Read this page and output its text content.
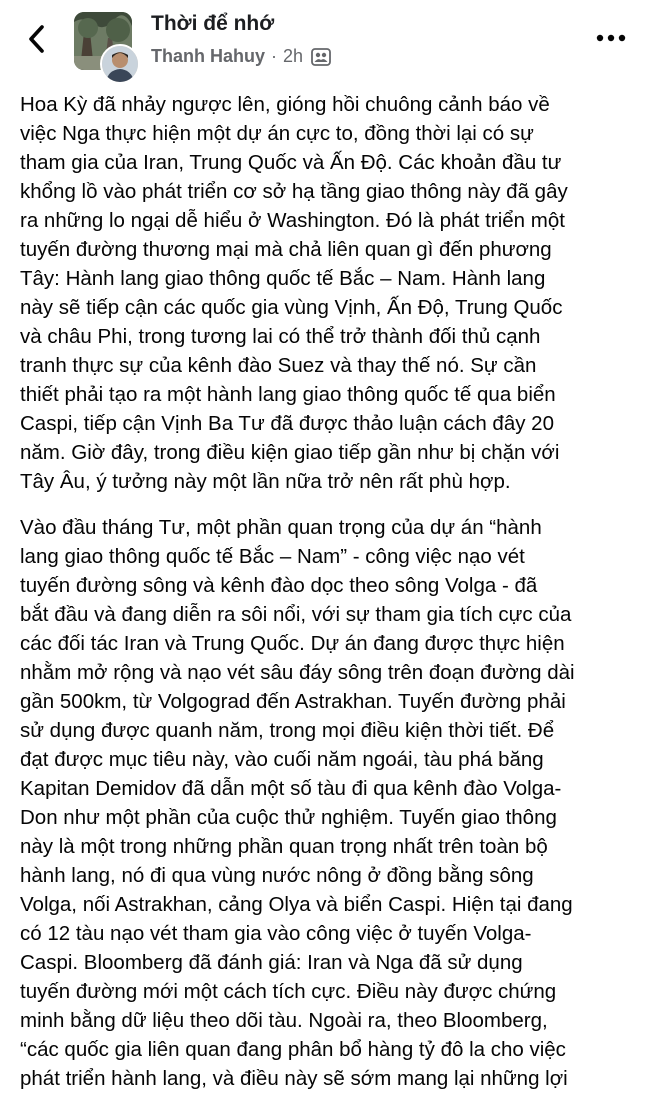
Thời để nhớ
Thanh Hahuy · 2h

Hoa Kỳ đã nhảy ngược lên, gióng hồi chuông cảnh báo về
việc Nga thực hiện một dự án cực to, đồng thời lại có sự
tham gia của Iran, Trung Quốc và Ấn Độ. Các khoản đầu tư
khổng lồ vào phát triển cơ sở hạ tầng giao thông này đã gây
ra những lo ngại dễ hiểu ở Washington. Đó là phát triển một
tuyến đường thương mại mà chả liên quan gì đến phương
Tây: Hành lang giao thông quốc tế Bắc – Nam. Hành lang
này sẽ tiếp cận các quốc gia vùng Vịnh, Ấn Độ, Trung Quốc
và châu Phi, trong tương lai có thể trở thành đối thủ cạnh
tranh thực sự của kênh đào Suez và thay thế nó. Sự cần
thiết phải tạo ra một hành lang giao thông quốc tế qua biển
Caspi, tiếp cận Vịnh Ba Tư đã được thảo luận cách đây 20
năm. Giờ đây, trong điều kiện giao tiếp gần như bị chặn với
Tây Âu, ý tưởng này một lần nữa trở nên rất phù hợp.

Vào đầu tháng Tư, một phần quan trọng của dự án “hành
lang giao thông quốc tế Bắc – Nam” - công việc nạo vét
tuyến đường sông và kênh đào dọc theo sông Volga - đã
bắt đầu và đang diễn ra sôi nổi, với sự tham gia tích cực của
các đối tác Iran và Trung Quốc. Dự án đang được thực hiện
nhằm mở rộng và nạo vét sâu đáy sông trên đoạn đường dài
gần 500km, từ Volgograd đến Astrakhan. Tuyến đường phải
sử dụng được quanh năm, trong mọi điều kiện thời tiết. Để
đạt được mục tiêu này, vào cuối năm ngoái, tàu phá băng
Kapitan Demidov đã dẫn một số tàu đi qua kênh đào Volga-
Don như một phần của cuộc thử nghiệm. Tuyến giao thông
này là một trong những phần quan trọng nhất trên toàn bộ
hành lang, nó đi qua vùng nước nông ở đồng bằng sông
Volga, nối Astrakhan, cảng Olya và biển Caspi. Hiện tại đang
có 12 tàu nạo vét tham gia vào công việc ở tuyến Volga-
Caspi. Bloomberg đã đánh giá: Iran và Nga đã sử dụng
tuyến đường mới một cách tích cực. Điều này được chứng
minh bằng dữ liệu theo dõi tàu. Ngoài ra, theo Bloomberg,
“các quốc gia liên quan đang phân bổ hàng tỷ đô la cho việc
phát triển hành lang, và điều này sẽ sớm mang lại những lợi
